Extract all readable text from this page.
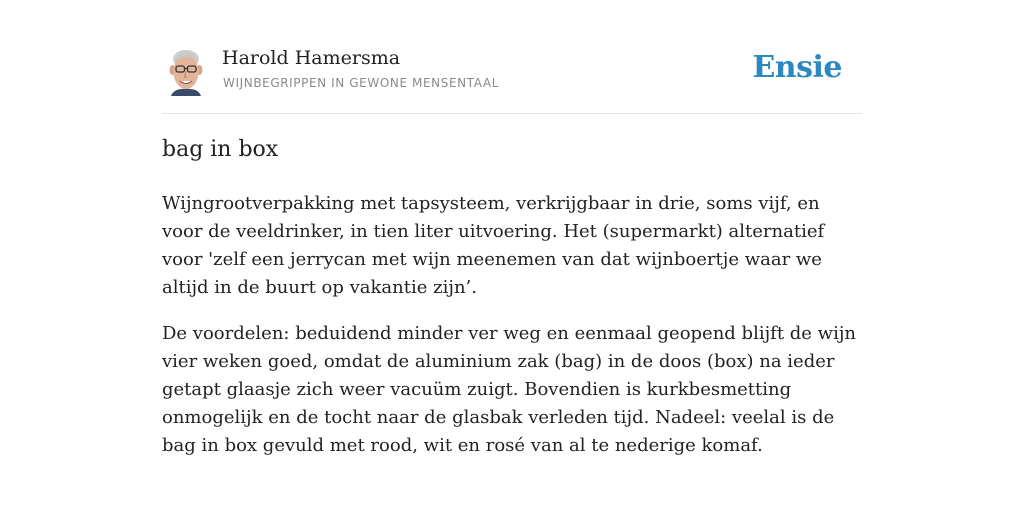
Harold Hamersma
WIJNBEGRIPPEN IN GEWONE MENSENTAAL	Ensie
bag in box

Wijngrootverpakking met tapsysteem, verkrijgbaar in drie, soms vijf, en voor de veeldrinker, in tien liter uitvoering. Het (supermarkt) alternatief voor 'zelf een jerrycan met wijn meenemen van dat wijnboertje waar we altijd in de buurt op vakantie zijn’.

De voordelen: beduidend minder ver weg en eenmaal geopend blijft de wijn vier weken goed, omdat de aluminium zak (bag) in de doos (box) na ieder getapt glaasje zich weer vacuüm zuigt. Bovendien is kurkbesmetting onmogelijk en de tocht naar de glasbak verleden tijd. Nadeel: veelal is de bag in box gevuld met rood, wit en rosé van al te nederige komaf.
